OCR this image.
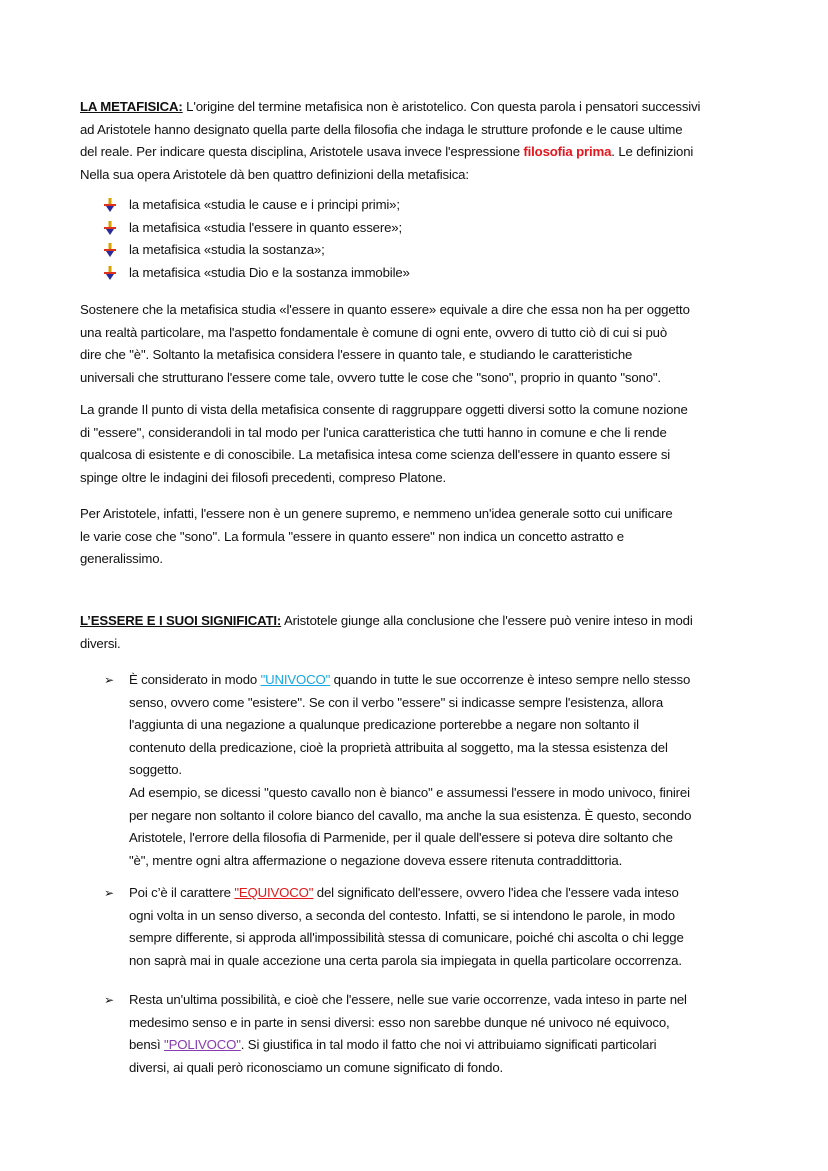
LA METAFISICA: L'origine del termine metafisica non è aristotelico. Con questa parola i pensatori successivi
ad Aristotele hanno designato quella parte della filosofia che indaga le strutture profonde e le cause ultime
del reale. Per indicare questa disciplina, Aristotele usava invece l'espressione filosofia prima. Le definizioni
Nella sua opera Aristotele dà ben quattro definizioni della metafisica:
la metafisica «studia le cause e i principi primi»;
la metafisica «studia l'essere in quanto essere»;
la metafisica «studia la sostanza»;
la metafisica «studia Dio e la sostanza immobile»
Sostenere che la metafisica studia «l'essere in quanto essere» equivale a dire che essa non ha per oggetto
una realtà particolare, ma l'aspetto fondamentale è comune di ogni ente, ovvero di tutto ciò di cui si può
dire che "è". Soltanto la metafisica considera l'essere in quanto tale, e studiando le caratteristiche
universali che strutturano l'essere come tale, ovvero tutte le cose che "sono", proprio in quanto "sono".
La grande Il punto di vista della metafisica consente di raggruppare oggetti diversi sotto la comune nozione
di "essere", considerandoli in tal modo per l'unica caratteristica che tutti hanno in comune e che li rende
qualcosa di esistente e di conoscibile. La metafisica intesa come scienza dell'essere in quanto essere si
spinge oltre le indagini dei filosofi precedenti, compreso Platone.
Per Aristotele, infatti, l'essere non è un genere supremo, e nemmeno un'idea generale sotto cui unificare
le varie cose che "sono". La formula "essere in quanto essere" non indica un concetto astratto e
generalissimo.
L’ESSERE E I SUOI SIGNIFICATI: Aristotele giunge alla conclusione che l'essere può venire inteso in modi
diversi.
➢ È considerato in modo "UNIVOCO" quando in tutte le sue occorrenze è inteso sempre nello stesso
senso, ovvero come "esistere". Se con il verbo "essere" si indicasse sempre l'esistenza, allora
l'aggiunta di una negazione a qualunque predicazione porterebbe a negare non soltanto il
contenuto della predicazione, cioè la proprietà attribuita al soggetto, ma la stessa esistenza del
soggetto.
Ad esempio, se dicessi "questo cavallo non è bianco" e assumessi l'essere in modo univoco, finirei
per negare non soltanto il colore bianco del cavallo, ma anche la sua esistenza. È questo, secondo
Aristotele, l'errore della filosofia di Parmenide, per il quale dell'essere si poteva dire soltanto che
"è", mentre ogni altra affermazione o negazione doveva essere ritenuta contraddittoria.
➢ Poi c’è il carattere "EQUIVOCO" del significato dell'essere, ovvero l'idea che l'essere vada inteso
ogni volta in un senso diverso, a seconda del contesto. Infatti, se si intendono le parole, in modo
sempre differente, si approda all'impossibilità stessa di comunicare, poiché chi ascolta o chi legge
non saprà mai in quale accezione una certa parola sia impiegata in quella particolare occorrenza.
➢ Resta un'ultima possibilità, e cioè che l'essere, nelle sue varie occorrenze, vada inteso in parte nel
medesimo senso e in parte in sensi diversi: esso non sarebbe dunque né univoco né equivoco,
bensì "POLIVOCO". Si giustifica in tal modo il fatto che noi vi attribuiamo significati particolari
diversi, ai quali però riconosciamo un comune significato di fondo.
